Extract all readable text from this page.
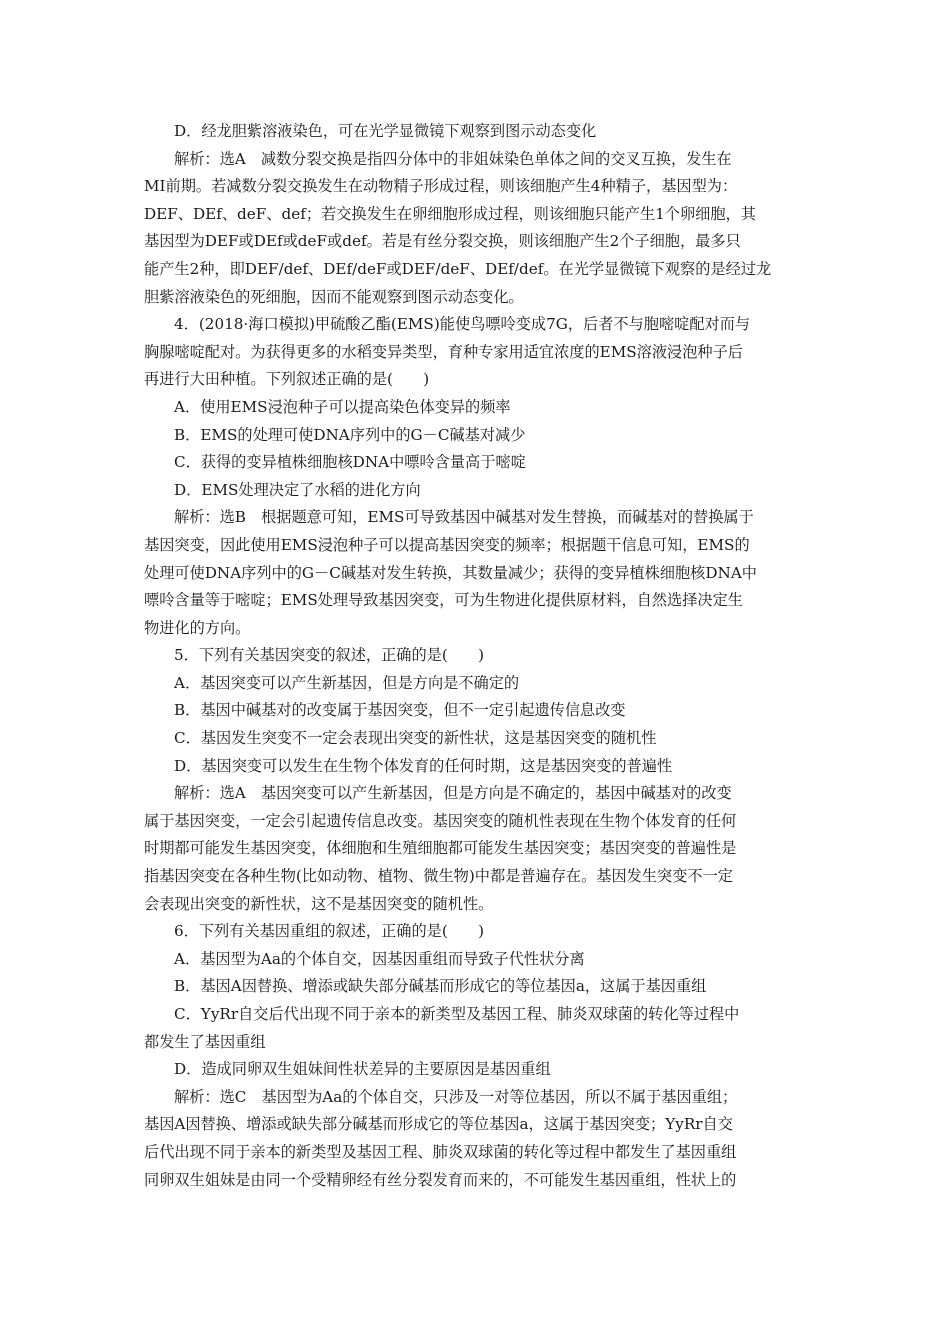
D．经龙胆紫溶液染色，可在光学显微镜下观察到图示动态变化
解析：选A　减数分裂交换是指四分体中的非姐妹染色单体之间的交叉互换，发生在
MⅠ前期。若减数分裂交换发生在动物精子形成过程，则该细胞产生4种精子，基因型为：
DEF、DEf、deF、def；若交换发生在卵细胞形成过程，则该细胞只能产生1个卵细胞，其
基因型为DEF或DEf或deF或def。若是有丝分裂交换，则该细胞产生2个子细胞，最多只
能产生2种，即DEF/def、DEf/deF或DEF/deF、DEf/def。在光学显微镜下观察的是经过龙
胆紫溶液染色的死细胞，因而不能观察到图示动态变化。
4．(2018·海口模拟)甲硫酸乙酯(EMS)能使鸟嘌呤变成7G，后者不与胞嘧啶配对而与
胸腺嘧啶配对。为获得更多的水稻变异类型，育种专家用适宜浓度的EMS溶液浸泡种子后
再进行大田种植。下列叙述正确的是(　　)
A．使用EMS浸泡种子可以提高染色体变异的频率
B．EMS的处理可使DNA序列中的G－C碱基对减少
C．获得的变异植株细胞核DNA中嘌呤含量高于嘧啶
D．EMS处理决定了水稻的进化方向
解析：选B　根据题意可知，EMS可导致基因中碱基对发生替换，而碱基对的替换属于
基因突变，因此使用EMS浸泡种子可以提高基因突变的频率；根据题干信息可知，EMS的
处理可使DNA序列中的G－C碱基对发生转换，其数量减少；获得的变异植株细胞核DNA中
嘌呤含量等于嘧啶；EMS处理导致基因突变，可为生物进化提供原材料，自然选择决定生
物进化的方向。
5．下列有关基因突变的叙述，正确的是(　　)
A．基因突变可以产生新基因，但是方向是不确定的
B．基因中碱基对的改变属于基因突变，但不一定引起遗传信息改变
C．基因发生突变不一定会表现出突变的新性状，这是基因突变的随机性
D．基因突变可以发生在生物个体发育的任何时期，这是基因突变的普遍性
解析：选A　基因突变可以产生新基因，但是方向是不确定的，基因中碱基对的改变
属于基因突变，一定会引起遗传信息改变。基因突变的随机性表现在生物个体发育的任何
时期都可能发生基因突变，体细胞和生殖细胞都可能发生基因突变；基因突变的普遍性是
指基因突变在各种生物(比如动物、植物、微生物)中都是普遍存在。基因发生突变不一定
会表现出突变的新性状，这不是基因突变的随机性。
6．下列有关基因重组的叙述，正确的是(　　)
A．基因型为Aa的个体自交，因基因重组而导致子代性状分离
B．基因A因替换、增添或缺失部分碱基而形成它的等位基因a，这属于基因重组
C．YyRr自交后代出现不同于亲本的新类型及基因工程、肺炎双球菌的转化等过程中
都发生了基因重组
D．造成同卵双生姐妹间性状差异的主要原因是基因重组
解析：选C　基因型为Aa的个体自交，只涉及一对等位基因，所以不属于基因重组；
基因A因替换、增添或缺失部分碱基而形成它的等位基因a，这属于基因突变；YyRr自交
后代出现不同于亲本的新类型及基因工程、肺炎双球菌的转化等过程中都发生了基因重组
同卵双生姐妹是由同一个受精卵经有丝分裂发育而来的，不可能发生基因重组，性状上的
